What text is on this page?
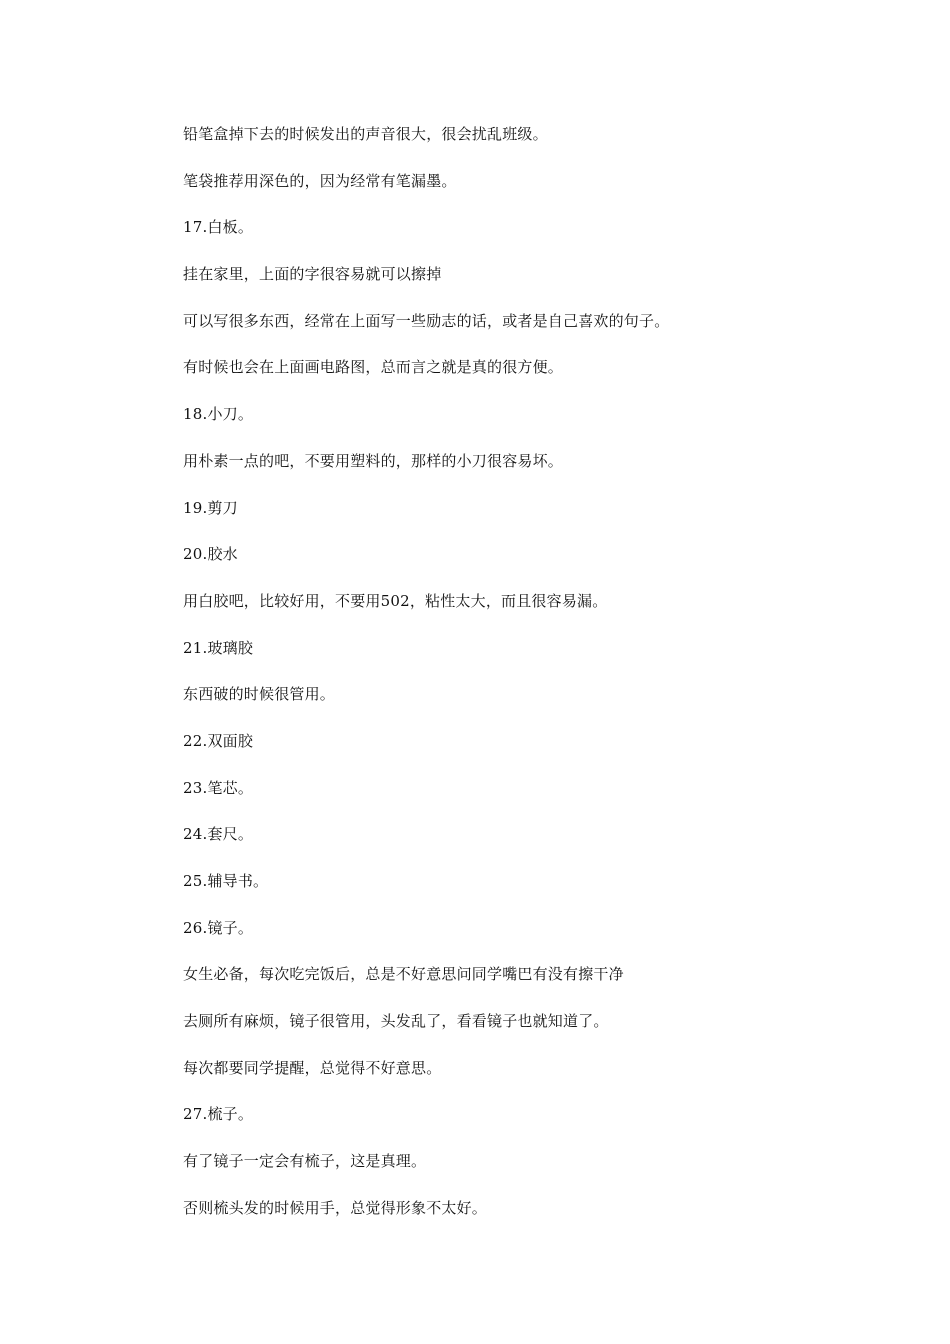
铅笔盒掉下去的时候发出的声音很大，很会扰乱班级。
笔袋推荐用深色的，因为经常有笔漏墨。
17.白板。
挂在家里，上面的字很容易就可以擦掉
可以写很多东西，经常在上面写一些励志的话，或者是自己喜欢的句子。
有时候也会在上面画电路图，总而言之就是真的很方便。
18.小刀。
用朴素一点的吧，不要用塑料的，那样的小刀很容易坏。
19.剪刀
20.胶水
用白胶吧，比较好用，不要用502，粘性太大，而且很容易漏。
21.玻璃胶
东西破的时候很管用。
22.双面胶
23.笔芯。
24.套尺。
25.辅导书。
26.镜子。
女生必备，每次吃完饭后，总是不好意思问同学嘴巴有没有擦干净
去厕所有麻烦，镜子很管用，头发乱了，看看镜子也就知道了。
每次都要同学提醒，总觉得不好意思。
27.梳子。
有了镜子一定会有梳子，这是真理。
否则梳头发的时候用手，总觉得形象不太好。
